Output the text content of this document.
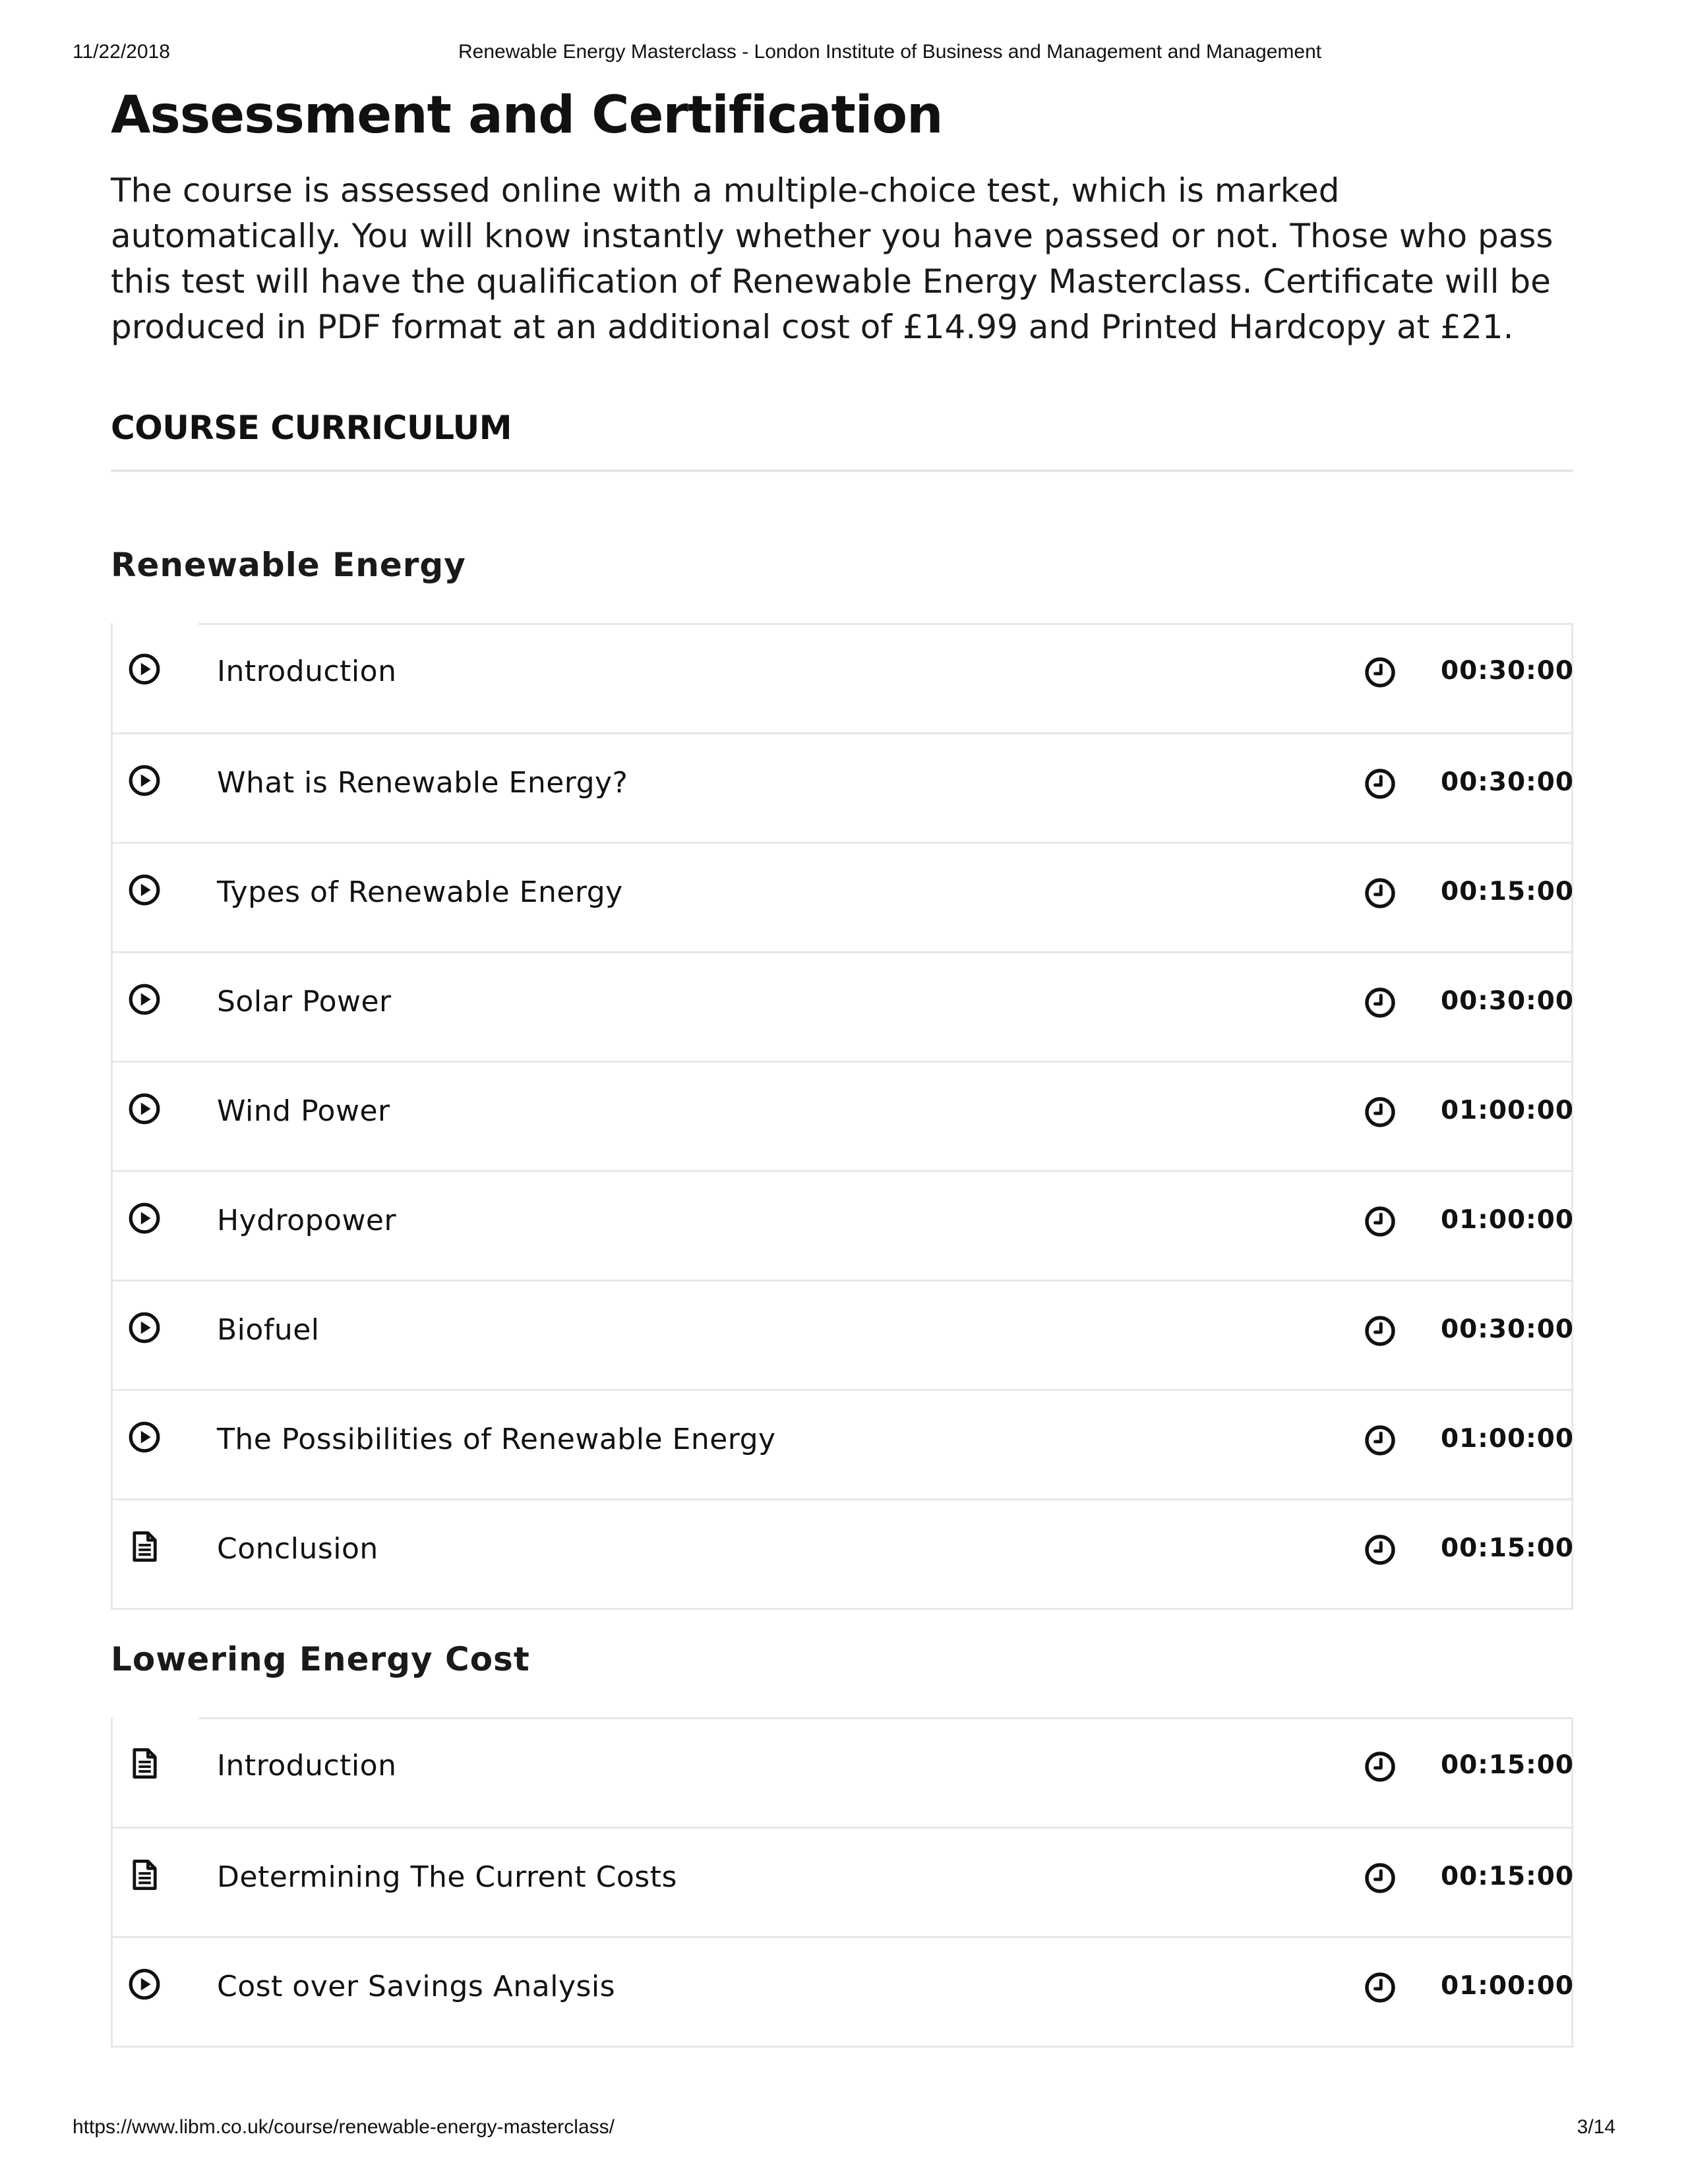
11/22/2018	Renewable Energy Masterclass - London Institute of Business and Management and Management
Assessment and Certification

The course is assessed online with a multiple-choice test, which is marked automatically. You will know instantly whether you have passed or not. Those who pass this test will have the qualification of Renewable Energy Masterclass. Certificate will be produced in PDF format at an additional cost of £14.99 and Printed Hardcopy at £21.

COURSE CURRICULUM
Renewable Energy
Introduction	00:30:00
What is Renewable Energy?	00:30:00
Types of Renewable Energy	00:15:00
Solar Power	00:30:00
Wind Power	01:00:00
Hydropower	01:00:00
Biofuel	00:30:00
The Possibilities of Renewable Energy	01:00:00
Conclusion	00:15:00
Lowering Energy Cost
Introduction	00:15:00
Determining The Current Costs	00:15:00
Cost over Savings Analysis	01:00:00
https://www.libm.co.uk/course/renewable-energy-masterclass/	3/14
